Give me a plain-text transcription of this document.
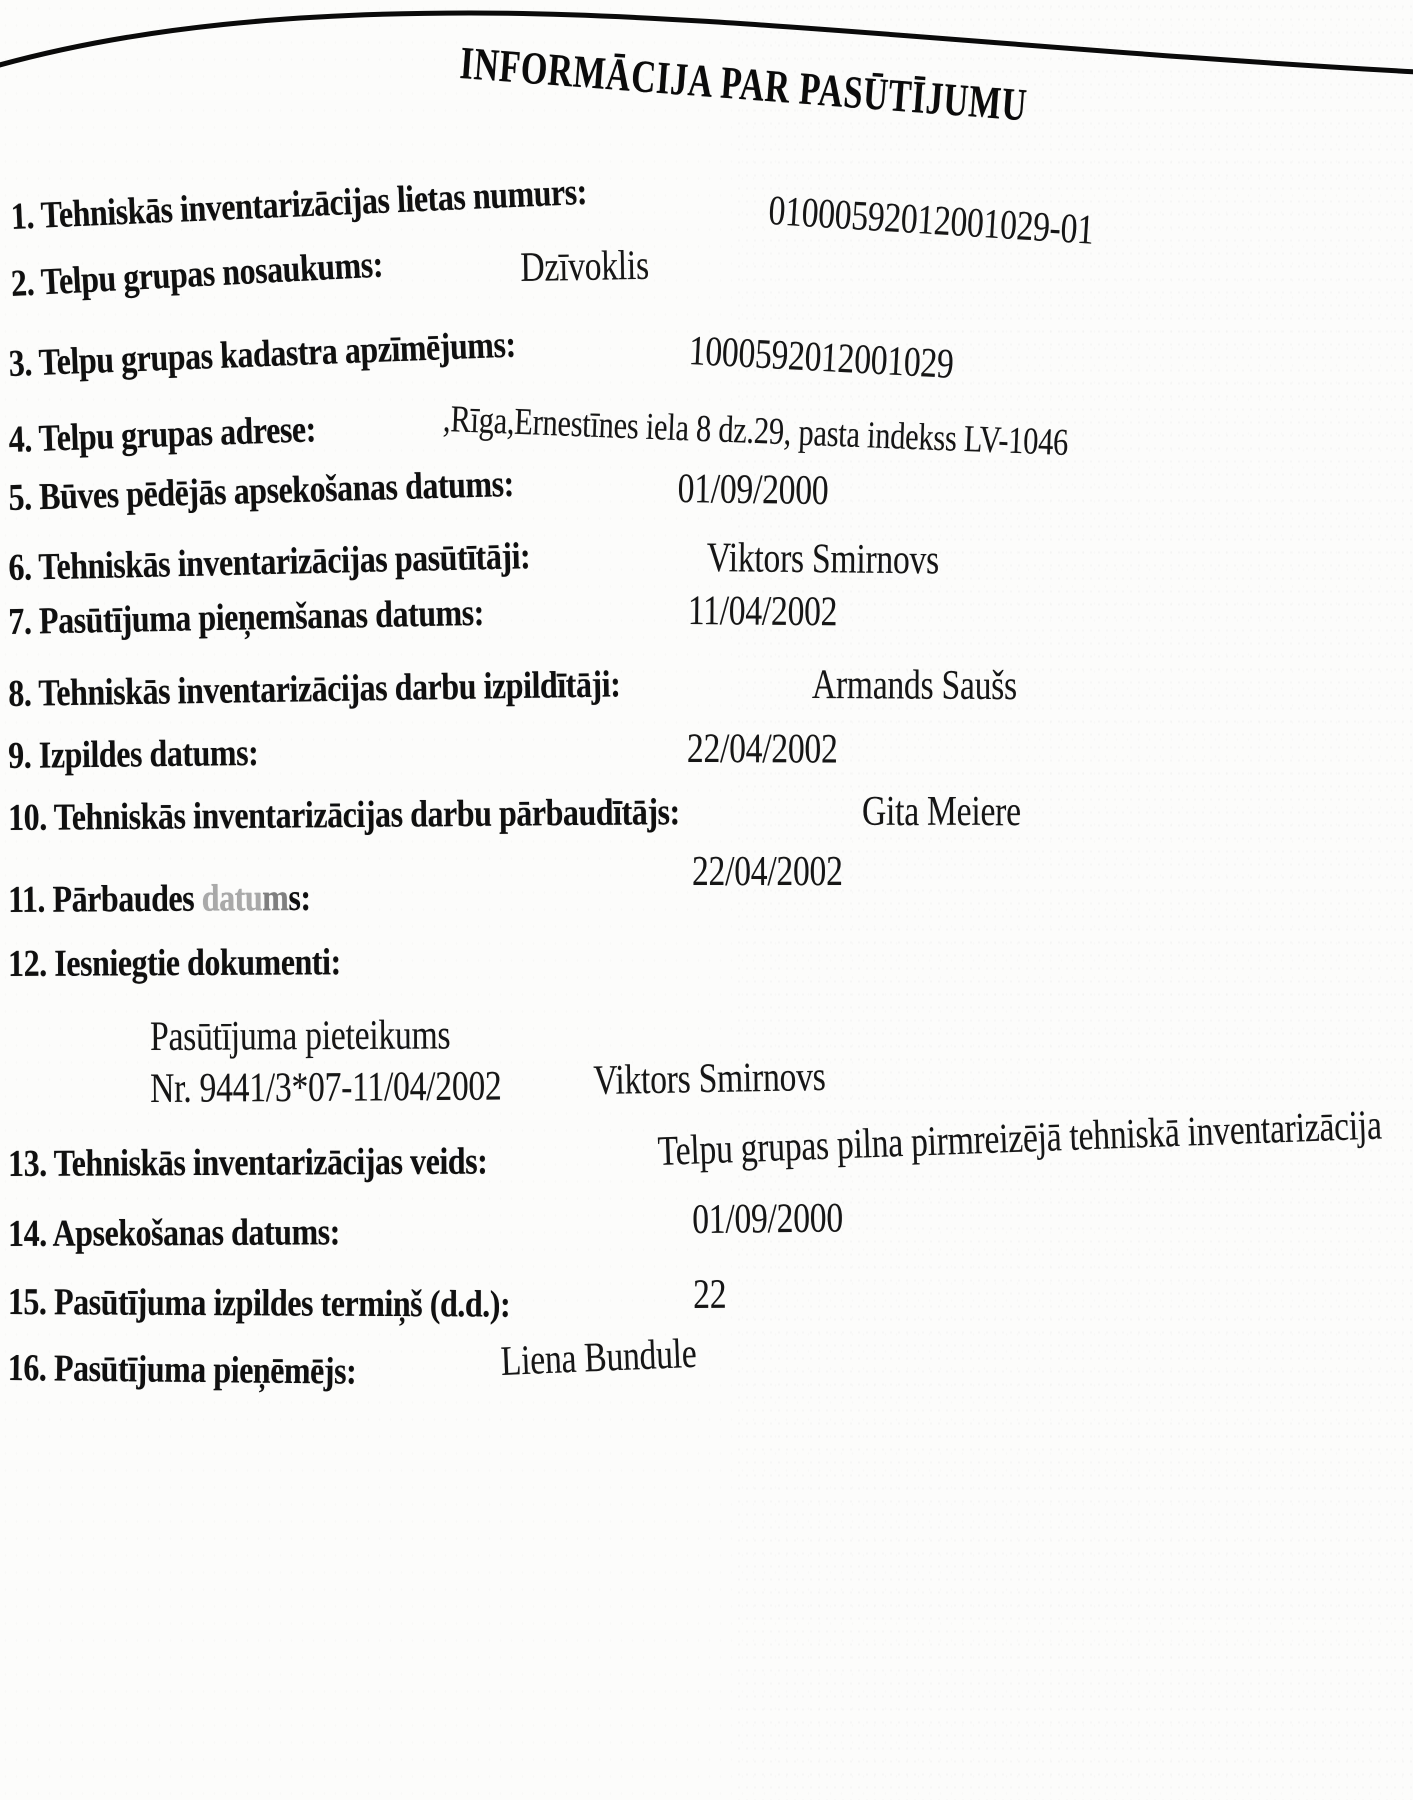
INFORMĀCIJA PAR PASŪTĪJUMU
1. Tehniskās inventarizācijas lietas numurs:	01000592012001029-01
2. Telpu grupas nosaukums:	Dzīvoklis
3. Telpu grupas kadastra apzīmējums:	1000592012001029
4. Telpu grupas adrese:	,Rīga,Ernestīnes iela 8 dz.29, pasta indekss LV-1046
5. Būves pēdējās apsekošanas datums:	01/09/2000
6. Tehniskās inventarizācijas pasūtītāji:	Viktors Smirnovs
7. Pasūtījuma pieņemšanas datums:	11/04/2002
8. Tehniskās inventarizācijas darbu izpildītāji:	Armands Saušs
9. Izpildes datums:	22/04/2002
10. Tehniskās inventarizācijas darbu pārbaudītājs:	Gita Meiere
11. Pārbaudes datums:
22/04/2002
12. Iesniegtie dokumenti:
Pasūtījuma pieteikums
Nr. 9441/3*07-11/04/2002 Viktors Smirnovs
13. Tehniskās inventarizācijas veids:	Telpu grupas pilna pirmreizējā tehniskā inventarizācija
14. Apsekošanas datums:	01/09/2000
15. Pasūtījuma izpildes termiņš (d.d.):	22
16. Pasūtījuma pieņēmējs:	Liena Bundule
